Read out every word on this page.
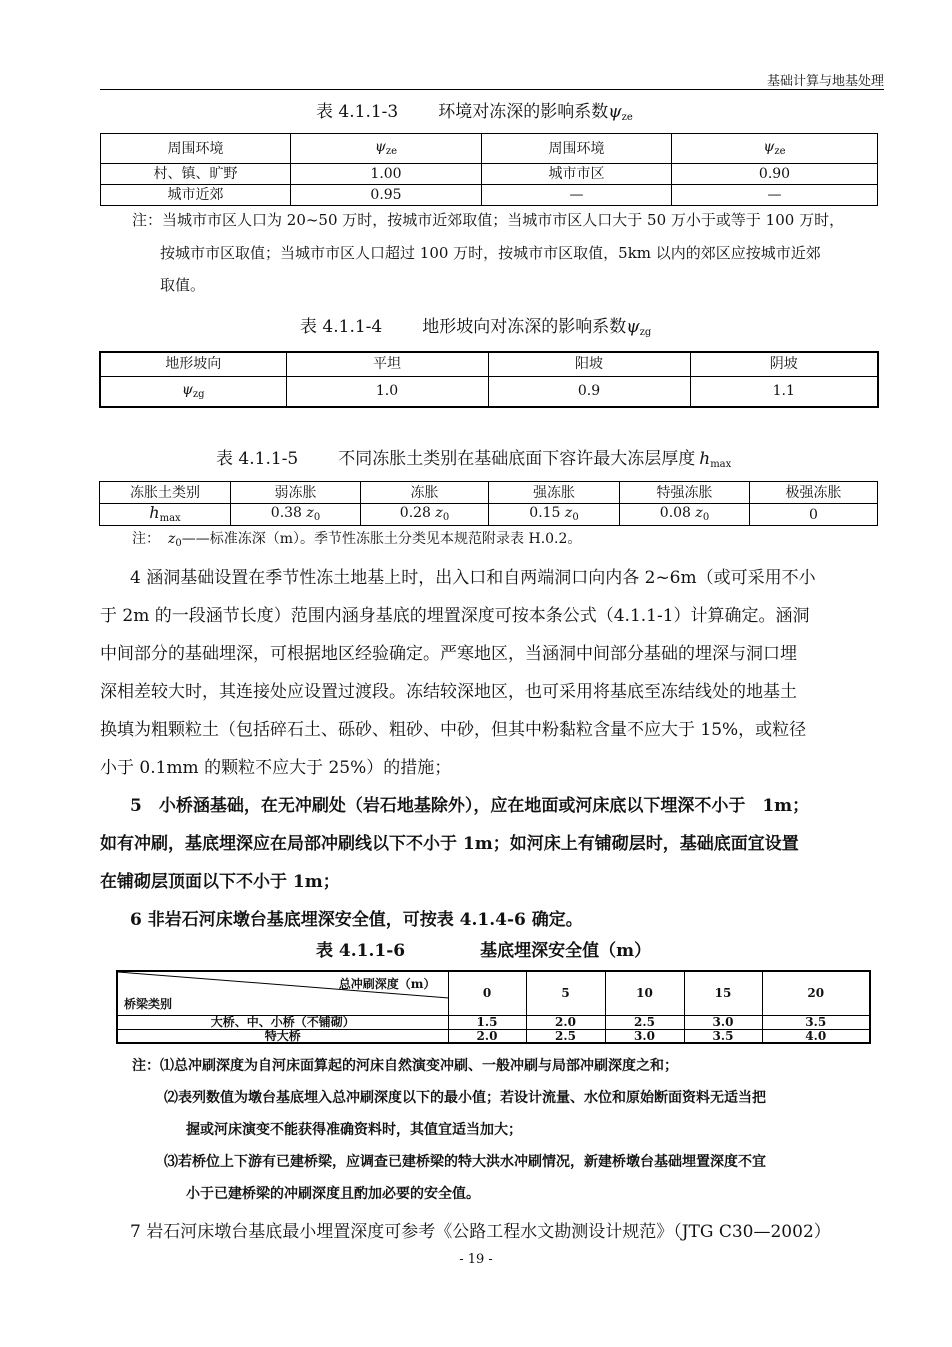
基础计算与地基处理
表 4.1.1-3 环境对冻深的影响系数$\psi_{ze}$
周围环境	$\psi_{ze}$	周围环境	$\psi_{ze}$
村、镇、旷野	1.00	城市市区	0.90
城市近郊	0.95	—	—
注：当城市市区人口为 20~50 万时，按城市近郊取值；当城市市区人口大于 50 万小于或等于 100 万时，
按城市市区取值；当城市市区人口超过 100 万时，按城市市区取值，5km 以内的郊区应按城市近郊
取值。
表 4.1.1-4 地形坡向对冻深的影响系数$\psi_{zg}$
地形坡向	平坦	阳坡	阴坡
$\psi_{zg}$	1.0	0.9	1.1
表 4.1.1-5 不同冻胀土类别在基础底面下容许最大冻层厚度 $h_{max}$
冻胀土类别	弱冻胀	冻胀	强冻胀	特强冻胀	极强冻胀
$h_{max}$	0.38 $z_0$	0.28 $z_0$	0.15 $z_0$	0.08 $z_0$	0
注： $z_0——$标准冻深（m）。季节性冻胀土分类见本规范附录表 H.0.2。
4 涵洞基础设置在季节性冻土地基上时，出入口和自两端洞口向内各 2~6m（或可采用不小
于 2m 的一段涵节长度）范围内涵身基底的埋置深度可按本条公式（4.1.1-1）计算确定。涵洞
中间部分的基础埋深，可根据地区经验确定。严寒地区，当涵洞中间部分基础的埋深与洞口埋
深相差较大时，其连接处应设置过渡段。冻结较深地区，也可采用将基底至冻结线处的地基土
换填为粗颗粒土（包括碎石土、砾砂、粗砂、中砂，但其中粉黏粒含量不应大于 15%，或粒径
小于 0.1mm 的颗粒不应大于 25%）的措施；
5　小桥涵基础，在无冲刷处（岩石地基除外），应在地面或河床底以下埋深不小于　1m；
如有冲刷，基底埋深应在局部冲刷线以下不小于 1m；如河床上有铺砌层时，基础底面宜设置
在铺砌层顶面以下不小于 1m；
6 非岩石河床墩台基底埋深安全值，可按表 4.1.4-6 确定。
表 4.1.1-6	基底埋深安全值（m）
总冲刷深度（m）
桥梁类别	0	5	10	15	20
大桥、中、小桥（不铺砌）	1.5	2.0	2.5	3.0	3.5
特大桥	2.0	2.5	3.0	3.5	4.0
注：⑴总冲刷深度为自河床面算起的河床自然演变冲刷、一般冲刷与局部冲刷深度之和；
⑵表列数值为墩台基底埋入总冲刷深度以下的最小值；若设计流量、水位和原始断面资料无适当把
握或河床演变不能获得准确资料时，其值宜适当加大；
⑶若桥位上下游有已建桥梁，应调查已建桥梁的特大洪水冲刷情况，新建桥墩台基础埋置深度不宜
小于已建桥梁的冲刷深度且酌加必要的安全值。
7 岩石河床墩台基底最小埋置深度可参考《公路工程水文勘测设计规范》（JTG C30—2002）
- 19 -
